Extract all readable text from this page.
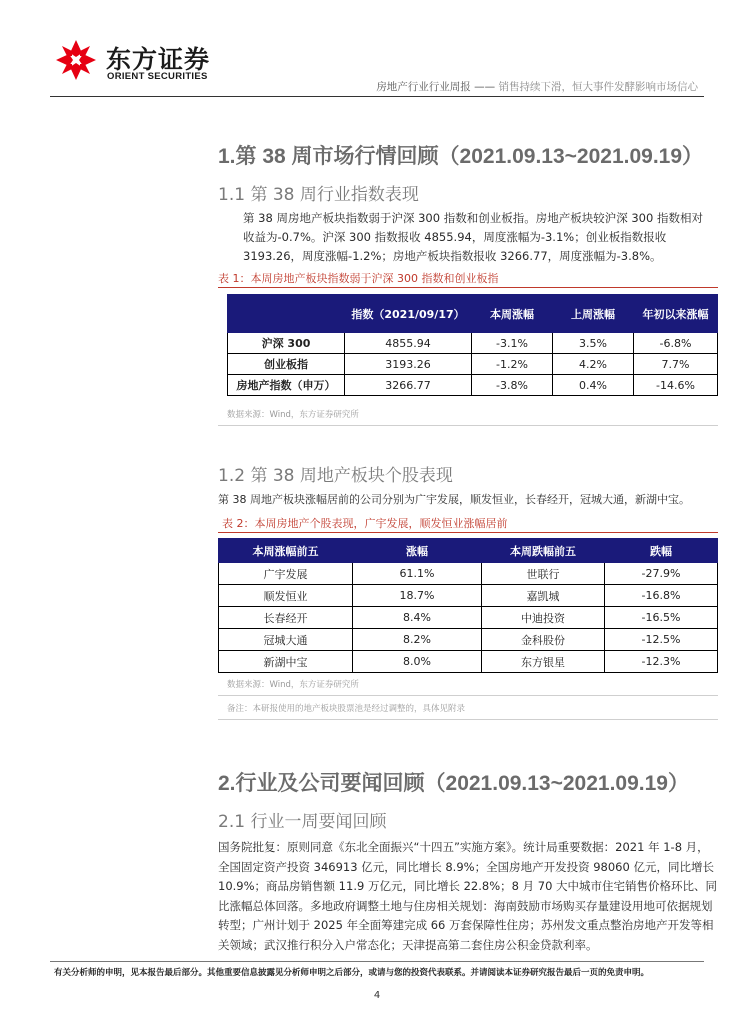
东方证券
ORIENT SECURITIES
房地产行业行业周报 —— 销售持续下滑，恒大事件发酵影响市场信心
1.第 38 周市场行情回顾（2021.09.13~2021.09.19）
1.1 第 38 周行业指数表现
第 38 周房地产板块指数弱于沪深 300 指数和创业板指。房地产板块较沪深 300 指数相对收益为-0.7%。沪深 300 指数报收 4855.94，周度涨幅为-3.1%；创业板指数报收 3193.26，周度涨幅-1.2%；房地产板块指数报收 3266.77，周度涨幅为-3.8%。
表 1：本周房地产板块指数弱于沪深 300 指数和创业板指
	指数（2021/09/17）	本周涨幅	上周涨幅	年初以来涨幅
沪深 300	4855.94	-3.1%	3.5%	-6.8%
创业板指	3193.26	-1.2%	4.2%	7.7%
房地产指数（申万）	3266.77	-3.8%	0.4%	-14.6%
数据来源：Wind，东方证券研究所
1.2 第 38 周地产板块个股表现
第 38 周地产板块涨幅居前的公司分别为广宇发展，顺发恒业，长春经开，冠城大通，新湖中宝。
表 2：本周房地产个股表现，广宇发展，顺发恒业涨幅居前
本周涨幅前五	涨幅	本周跌幅前五	跌幅
广宇发展	61.1%	世联行	-27.9%
顺发恒业	18.7%	嘉凯城	-16.8%
长春经开	8.4%	中迪投资	-16.5%
冠城大通	8.2%	金科股份	-12.5%
新湖中宝	8.0%	东方银星	-12.3%
数据来源：Wind，东方证券研究所
备注：本研报使用的地产板块股票池是经过调整的，具体见附录
2.行业及公司要闻回顾（2021.09.13~2021.09.19）
2.1 行业一周要闻回顾
国务院批复：原则同意《东北全面振兴“十四五”实施方案》。统计局重要数据：2021 年 1-8 月，全国固定资产投资 346913 亿元，同比增长 8.9%；全国房地产开发投资 98060 亿元，同比增长 10.9%；商品房销售额 11.9 万亿元，同比增长 22.8%；8 月 70 大中城市住宅销售价格环比、同比涨幅总体回落。多地政府调整土地与住房相关规划：海南鼓励市场购买存量建设用地可依据规划转型；广州计划于 2025 年全面筹建完成 66 万套保障性住房；苏州发文重点整治房地产开发等相关领域；武汉推行积分入户常态化；天津提高第二套住房公积金贷款利率。
有关分析师的申明，见本报告最后部分。其他重要信息披露见分析师申明之后部分，或请与您的投资代表联系。并请阅读本证券研究报告最后一页的免责申明。
4
